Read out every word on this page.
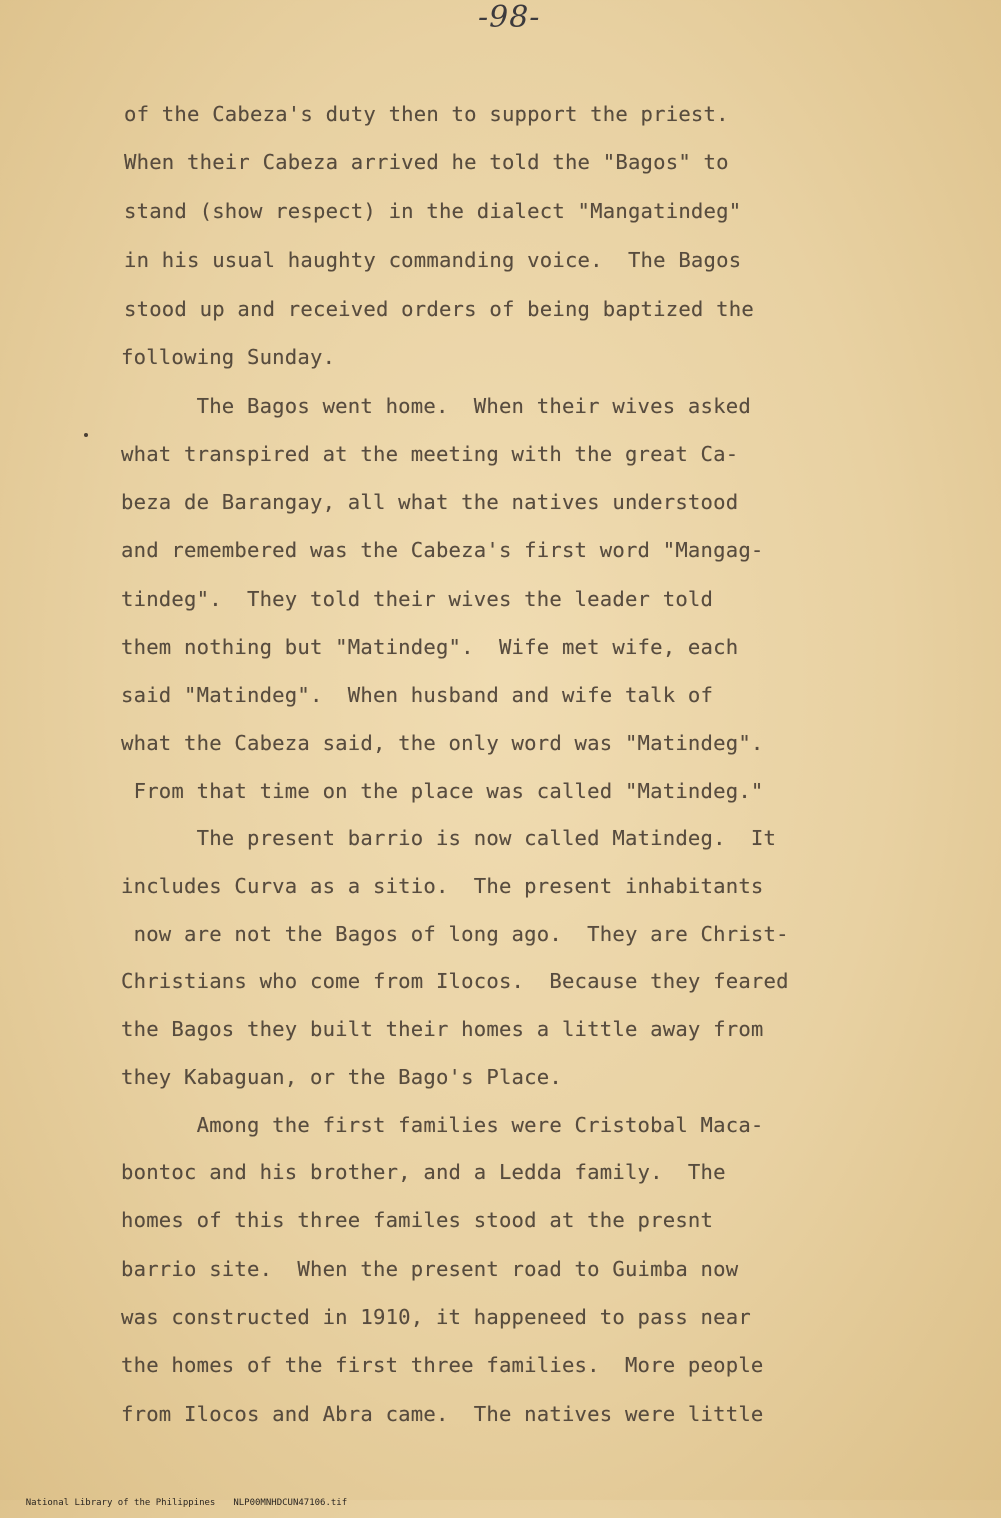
-98-
of the Cabeza's duty then to support the priest.
When their Cabeza arrived he told the "Bagos" to
stand (show respect) in the dialect "Mangatindeg"
in his usual haughty commanding voice.  The Bagos
stood up and received orders of being baptized the
following Sunday.
The Bagos went home.  When their wives asked
what transpired at the meeting with the great Ca-
beza de Barangay, all what the natives understood
and remembered was the Cabeza's first word "Mangag-
tindeg".  They told their wives the leader told
them nothing but "Matindeg".  Wife met wife, each
said "Matindeg".  When husband and wife talk of
what the Cabeza said, the only word was "Matindeg".
From that time on the place was called "Matindeg."
The present barrio is now called Matindeg.  It
includes Curva as a sitio.  The present inhabitants
now are not the Bagos of long ago.  They are Christ-
Christians who come from Ilocos.  Because they feared
the Bagos they built their homes a little away from
they Kabaguan, or the Bago's Place.
Among the first families were Cristobal Maca-
bontoc and his brother, and a Ledda family.  The
homes of this three familes stood at the presnt
barrio site.  When the present road to Guimba now
was constructed in 1910, it happeneed to pass near
the homes of the first three families.  More people
from Ilocos and Abra came.  The natives were little

National Library of the Philippines NLP00MNHDCUN47106.tif
